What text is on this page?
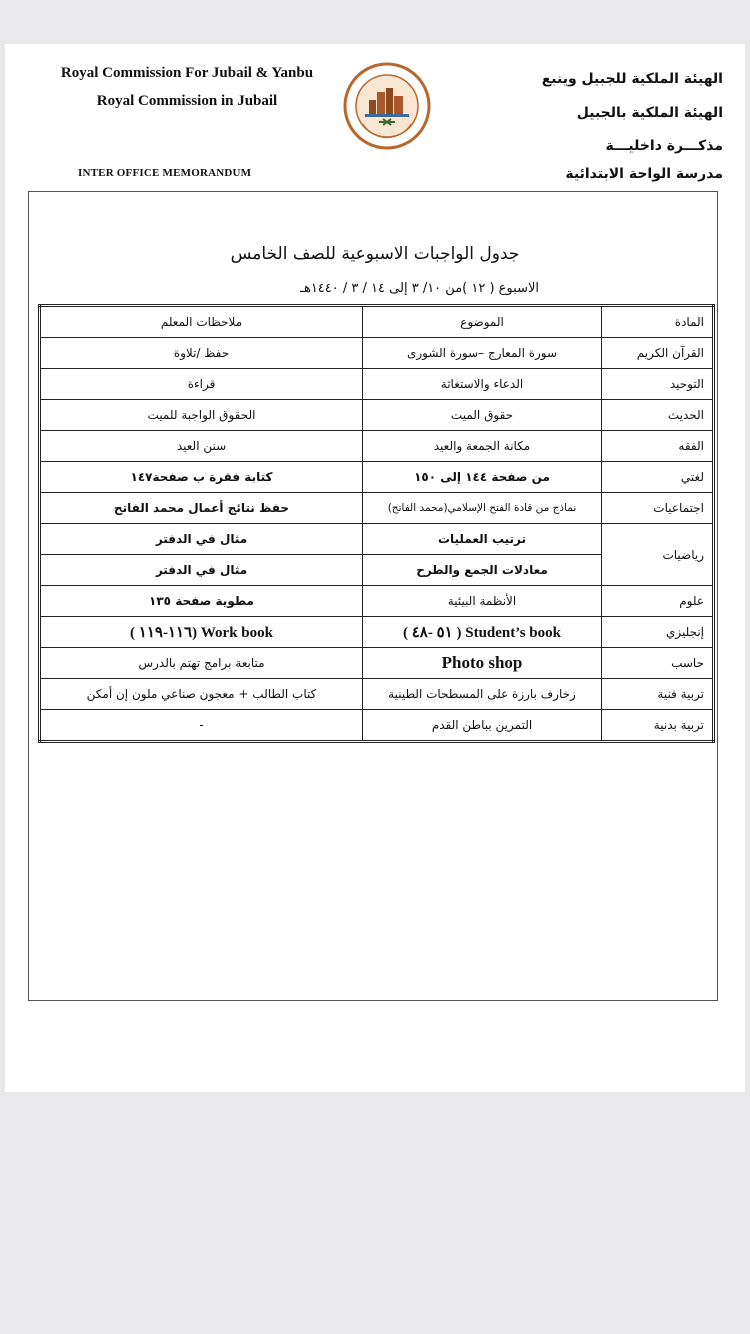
Royal Commission For Jubail & Yanbu
Royal Commission in Jubail
INTER OFFICE MEMORANDUM
الهيئة الملكية للجبيل وينبع
الهيئة الملكية بالجبيل
مذكـــرة داخليـــة
مدرسة الواحة الابتدائية
جدول الواجبات الاسبوعية للصف الخامس
الاسبوع ( ١٢ )من ١٠/ ٣ إلى ١٤ / ٣ / ١٤٤٠هـ
المادة	الموضوع	ملاحظات المعلم
القرآن الكريم	سورة المعارج –سورة الشورى	حفظ /تلاوة
التوحيد	الدعاء والاستغاثة	قراءة
الحديث	حقوق الميت	الحقوق الواجبة للميت
الفقه	مكانة الجمعة والعيد	سنن العيد
لغتي	من صفحة ١٤٤ إلى ١٥٠	كتابة فقرة ب صفحة١٤٧
اجتماعيات	نماذج من قادة الفتح الإسلامي(محمد الفاتح)	حفظ نتائج أعمال محمد الفاتح
رياضيات	ترتيب العمليات	مثال في الدفتر
	معادلات الجمع والطرح	مثال في الدفتر
علوم	الأنظمة البيئية	مطوية صفحة ١٣٥
إنجليزي	Student’s book ( ٥١ -٤٨ )	Work book (١١٦-١١٩ )
حاسب	Photo shop	متابعة برامج تهتم بالدرس
تربية فنية	زخارف بارزة على المسطحات الطينية	كتاب الطالب + معجون صناعي ملون إن أمكن
تربية بدنية	التمرين بباطن القدم	-
